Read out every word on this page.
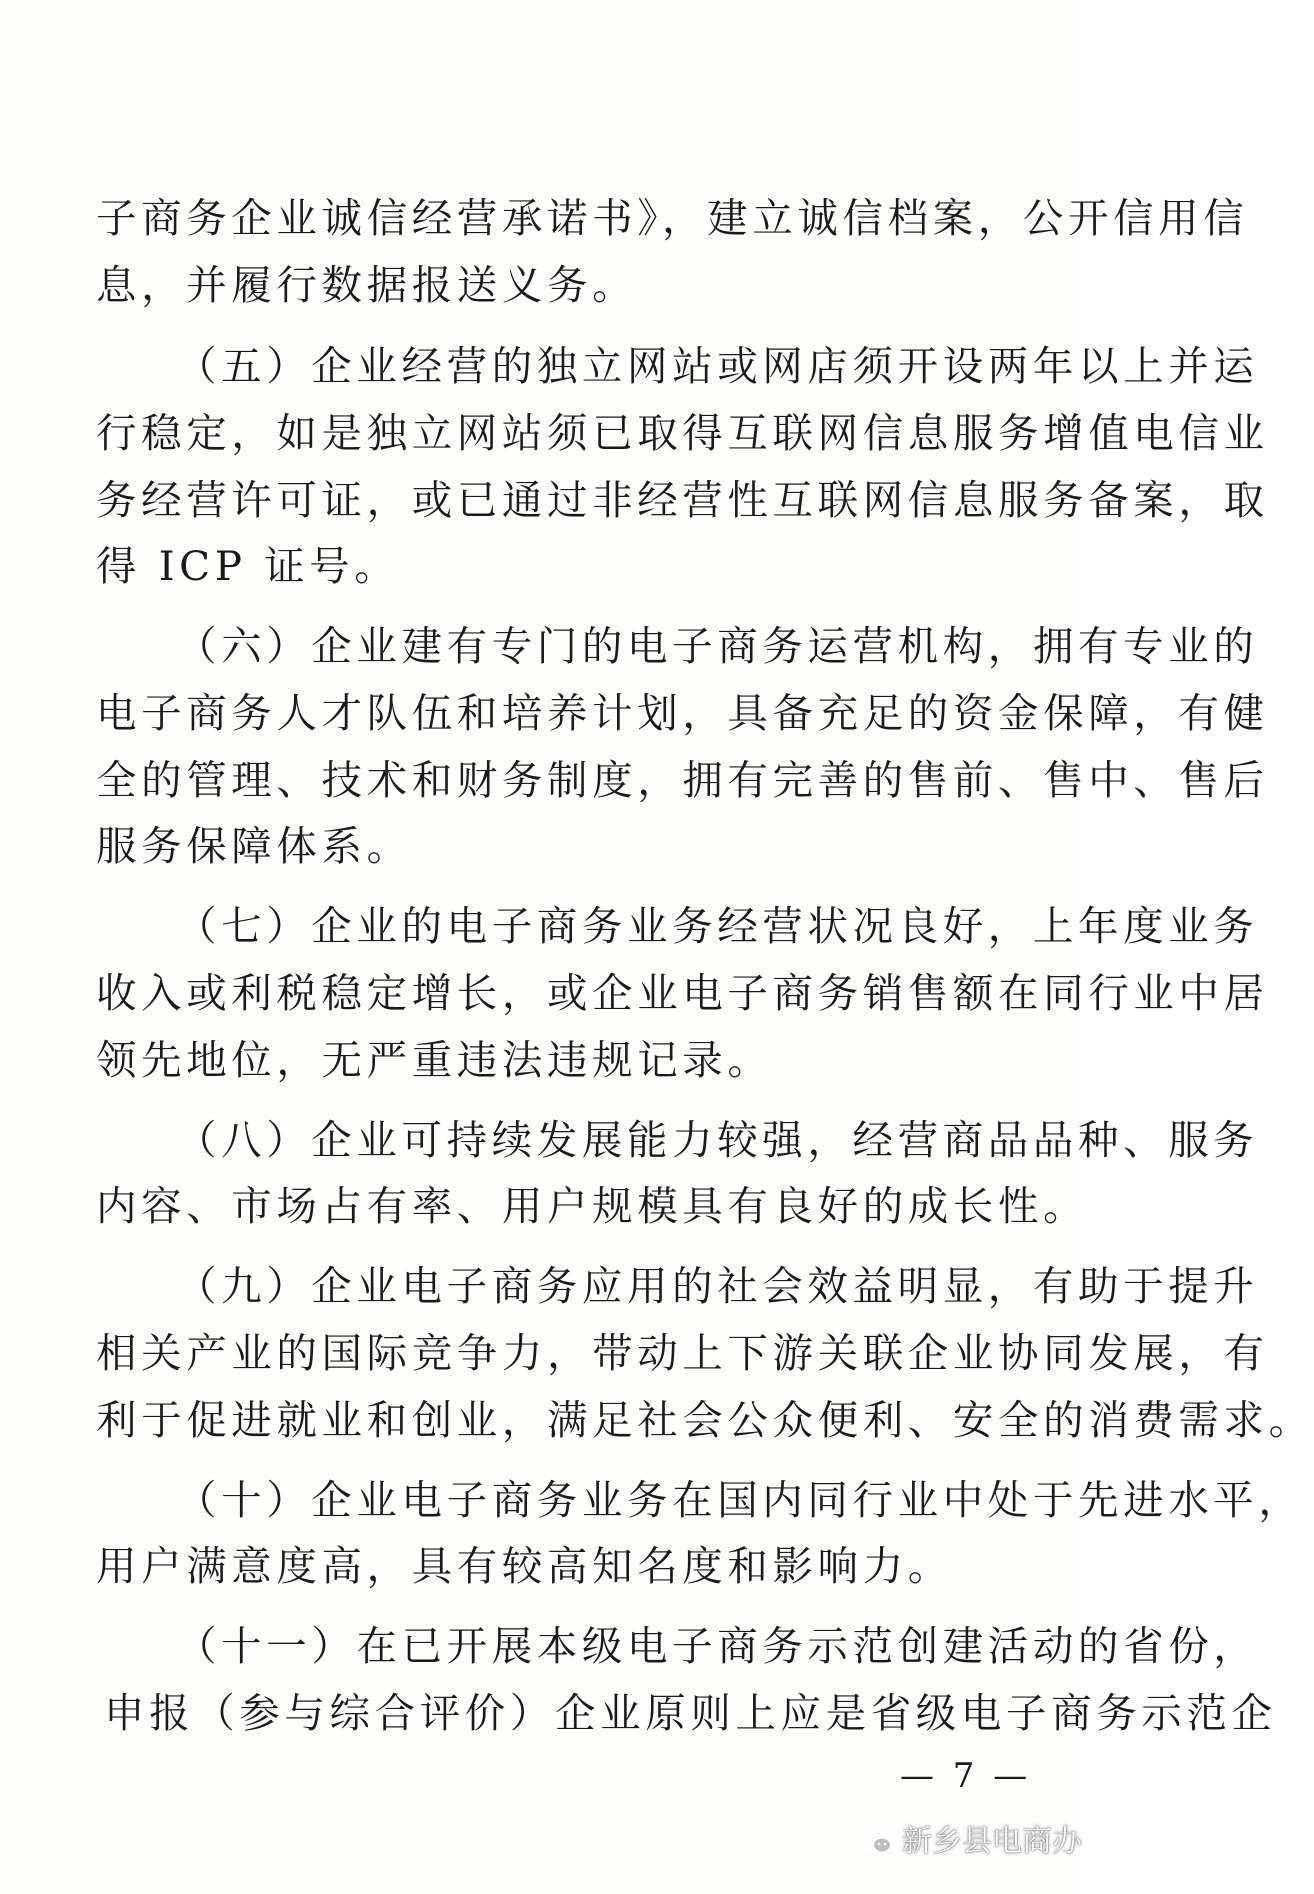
子商务企业诚信经营承诺书》，建立诚信档案，公开信用信
息，并履行数据报送义务。
（五）企业经营的独立网站或网店须开设两年以上并运
行稳定，如是独立网站须已取得互联网信息服务增值电信业
务经营许可证，或已通过非经营性互联网信息服务备案，取
得 ICP 证号。
（六）企业建有专门的电子商务运营机构，拥有专业的
电子商务人才队伍和培养计划，具备充足的资金保障，有健
全的管理、技术和财务制度，拥有完善的售前、售中、售后
服务保障体系。
（七）企业的电子商务业务经营状况良好，上年度业务
收入或利税稳定增长，或企业电子商务销售额在同行业中居
领先地位，无严重违法违规记录。
（八）企业可持续发展能力较强，经营商品品种、服务
内容、市场占有率、用户规模具有良好的成长性。
（九）企业电子商务应用的社会效益明显，有助于提升
相关产业的国际竞争力，带动上下游关联企业协同发展，有
利于促进就业和创业，满足社会公众便利、安全的消费需求。
（十）企业电子商务业务在国内同行业中处于先进水平，
用户满意度高，具有较高知名度和影响力。
（十一）在已开展本级电子商务示范创建活动的省份，
申报（参与综合评价）企业原则上应是省级电子商务示范企
— 7 —
新乡县电商办
